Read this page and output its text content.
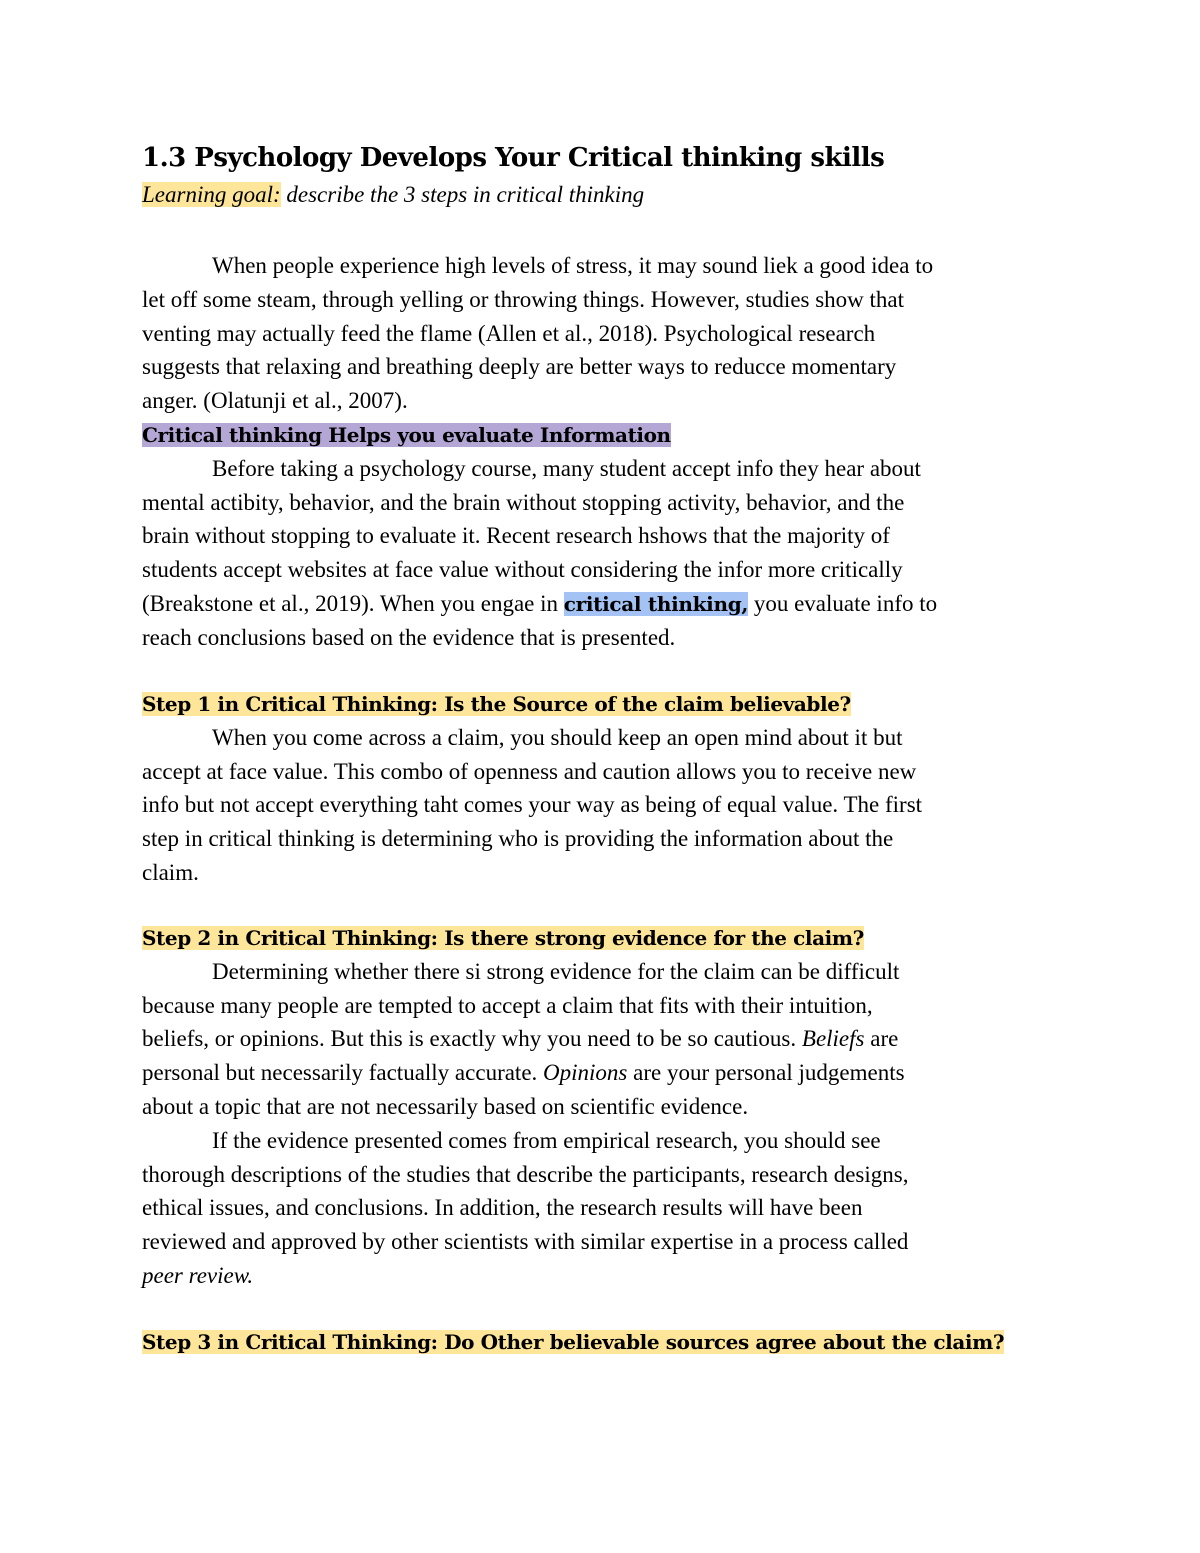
1.3 Psychology Develops Your Critical thinking skills
Learning goal: describe the 3 steps in critical thinking
When people experience high levels of stress, it may sound liek a good idea to
let off some steam, through yelling or throwing things. However, studies show that
venting may actually feed the flame (Allen et al., 2018). Psychological research
suggests that relaxing and breathing deeply are better ways to reducce momentary
anger. (Olatunji et al., 2007).
Critical thinking Helps you evaluate Information
Before taking a psychology course, many student accept info they hear about
mental actibity, behavior, and the brain without stopping activity, behavior, and the
brain without stopping to evaluate it. Recent research hshows that the majority of
students accept websites at face value without considering the infor more critically
(Breakstone et al., 2019). When you engae in critical thinking, you evaluate info to
reach conclusions based on the evidence that is presented.
Step 1 in Critical Thinking: Is the Source of the claim believable?
When you come across a claim, you should keep an open mind about it but
accept at face value. This combo of openness and caution allows you to receive new
info but not accept everything taht comes your way as being of equal value. The first
step in critical thinking is determining who is providing the information about the
claim.
Step 2 in Critical Thinking: Is there strong evidence for the claim?
Determining whether there si strong evidence for the claim can be difficult
because many people are tempted to accept a claim that fits with their intuition,
beliefs, or opinions. But this is exactly why you need to be so cautious. Beliefs are
personal but necessarily factually accurate. Opinions are your personal judgements
about a topic that are not necessarily based on scientific evidence.
If the evidence presented comes from empirical research, you should see
thorough descriptions of the studies that describe the participants, research designs,
ethical issues, and conclusions. In addition, the research results will have been
reviewed and approved by other scientists with similar expertise in a process called
peer review.
Step 3 in Critical Thinking: Do Other believable sources agree about the claim?
